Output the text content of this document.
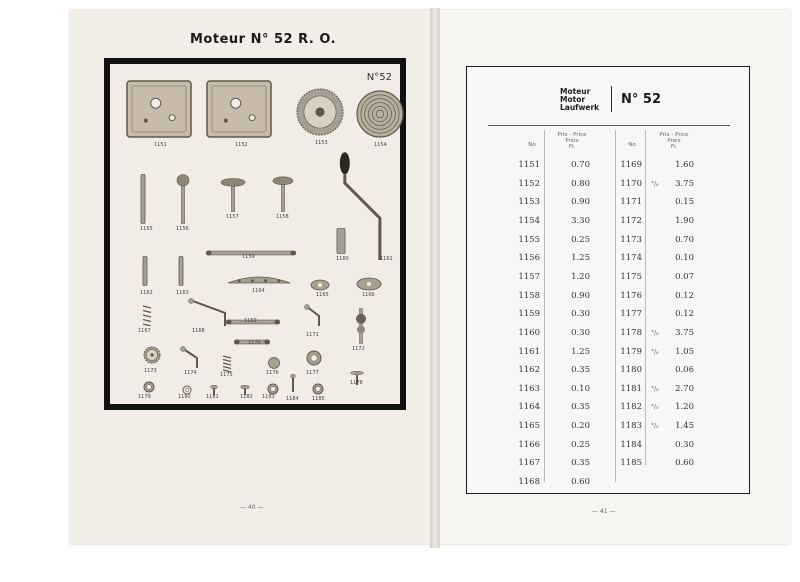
Moteur N° 52 R. O.
N°52
1151	1152	1153	1154
1155	1156
1157	1158
1159	1160	1161
1162	1163	1164
1165	1166
1167	1168
1169
1170
1171
1172
1173	1174	1175	1176	1177
1178
1179	1180	1181	1182 1183 1184	1185
— 40 —
Moteur
Motor
Laufwerk
N° 52
No
Prix - Price
Preis
Fr.	No
Prix - Price
Preis
Fr.
1151	0.70
1152	0.80
1153	0.90
1154	3.30
1155	0.25
1156	1.25
1157	1.20
1158	0.90
1159	0.30
1160	0.30
1161	1.25
1162	0.35
1163	0.10
1164	0.35
1165	0.20
1166	0.25
1167	0.35
1168	0.60
1169	1.60
1170 °/₀	3.75
1171	0.15
1172	1.90
1173	0.70
1174	0.10
1175	0.07
1176	0.12
1177	0.12
1178 °/₀	3.75
1179 °/₀	1.05
1180	0.06
1181 °/₀	2.70
1182 °/₀	1.20
1183 °/₀	1.45
1184	0.30
1185	0.60
— 41 —
